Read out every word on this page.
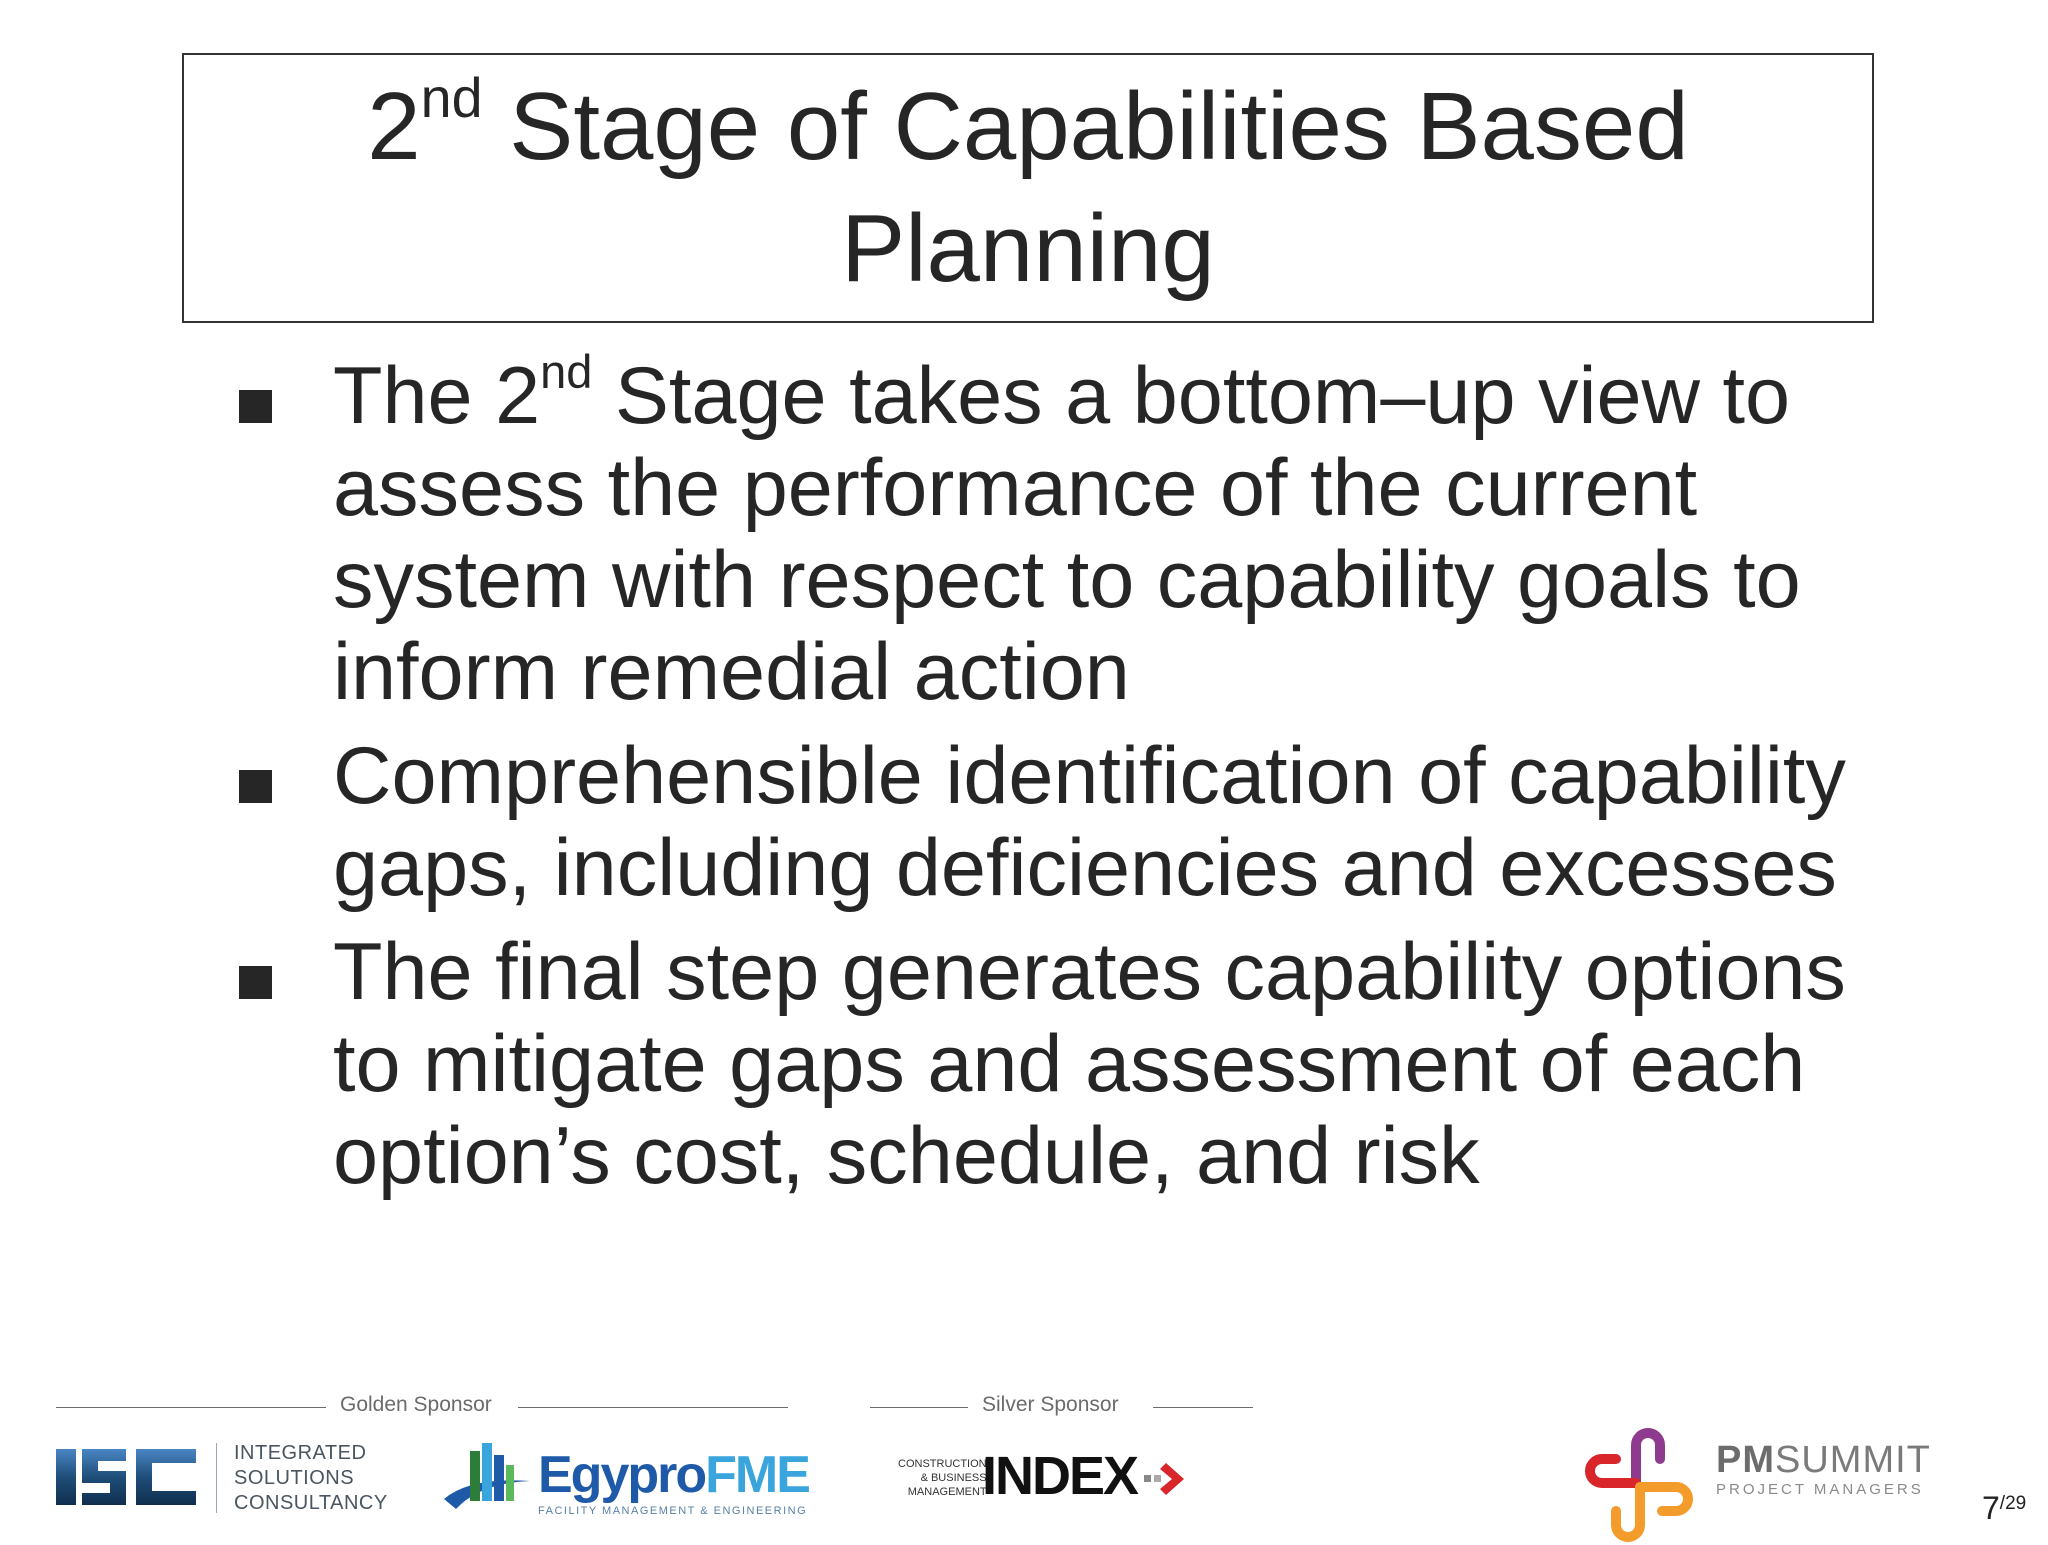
2nd Stage of Capabilities Based
Planning
The 2nd Stage takes a bottom–up view to assess the performance of the current system with respect to capability goals to inform remedial action
Comprehensible identification of capability gaps, including deficiencies and excesses
The final step generates capability options to mitigate gaps and assessment of each option’s cost, schedule, and risk
Golden Sponsor	Silver Sponsor
INTEGRATED
SOLUTIONS
CONSULTANCY	EgyproFME
FACILITY MANAGEMENT & ENGINEERING
CONSTRUCTION
& BUSINESS
MANAGEMENT
INDEX	PMSUMMIT
PROJECT MANAGERS
$7^{/29}$
